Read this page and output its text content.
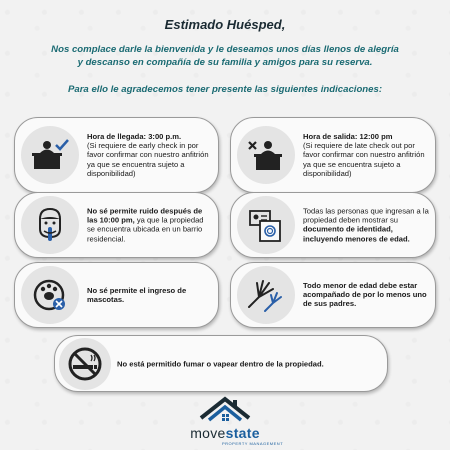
Estimado Huésped,
Nos complace darle la bienvenida y le deseamos unos días llenos de alegría
y descanso en compañía de su familia y amigos para su reserva.
Para ello le agradecemos tener presente las siguientes indicaciones:
Hora de llegada: 3:00 p.m.
(Si requiere de early check in por favor confirmar con nuestro anfitrión ya que se encuentra sujeto a disponibilidad)
Hora de salida: 12:00 pm
(Si requiere de late check out por favor confirmar con nuestro anfitrión ya que se encuentra sujeto a disponibilidad)
No sé permite ruido después de las 10:00 pm, ya que la propiedad se encuentra ubicada en un barrio residencial.
Todas las personas que ingresan a la propiedad deben mostrar su documento de identidad, incluyendo menores de edad.
No sé permite el ingreso de mascotas.
Todo menor de edad debe estar acompañado de por lo menos uno de sus padres.
No está permitido fumar o vapear dentro de la propiedad.
movestate
PROPERTY MANAGEMENT
